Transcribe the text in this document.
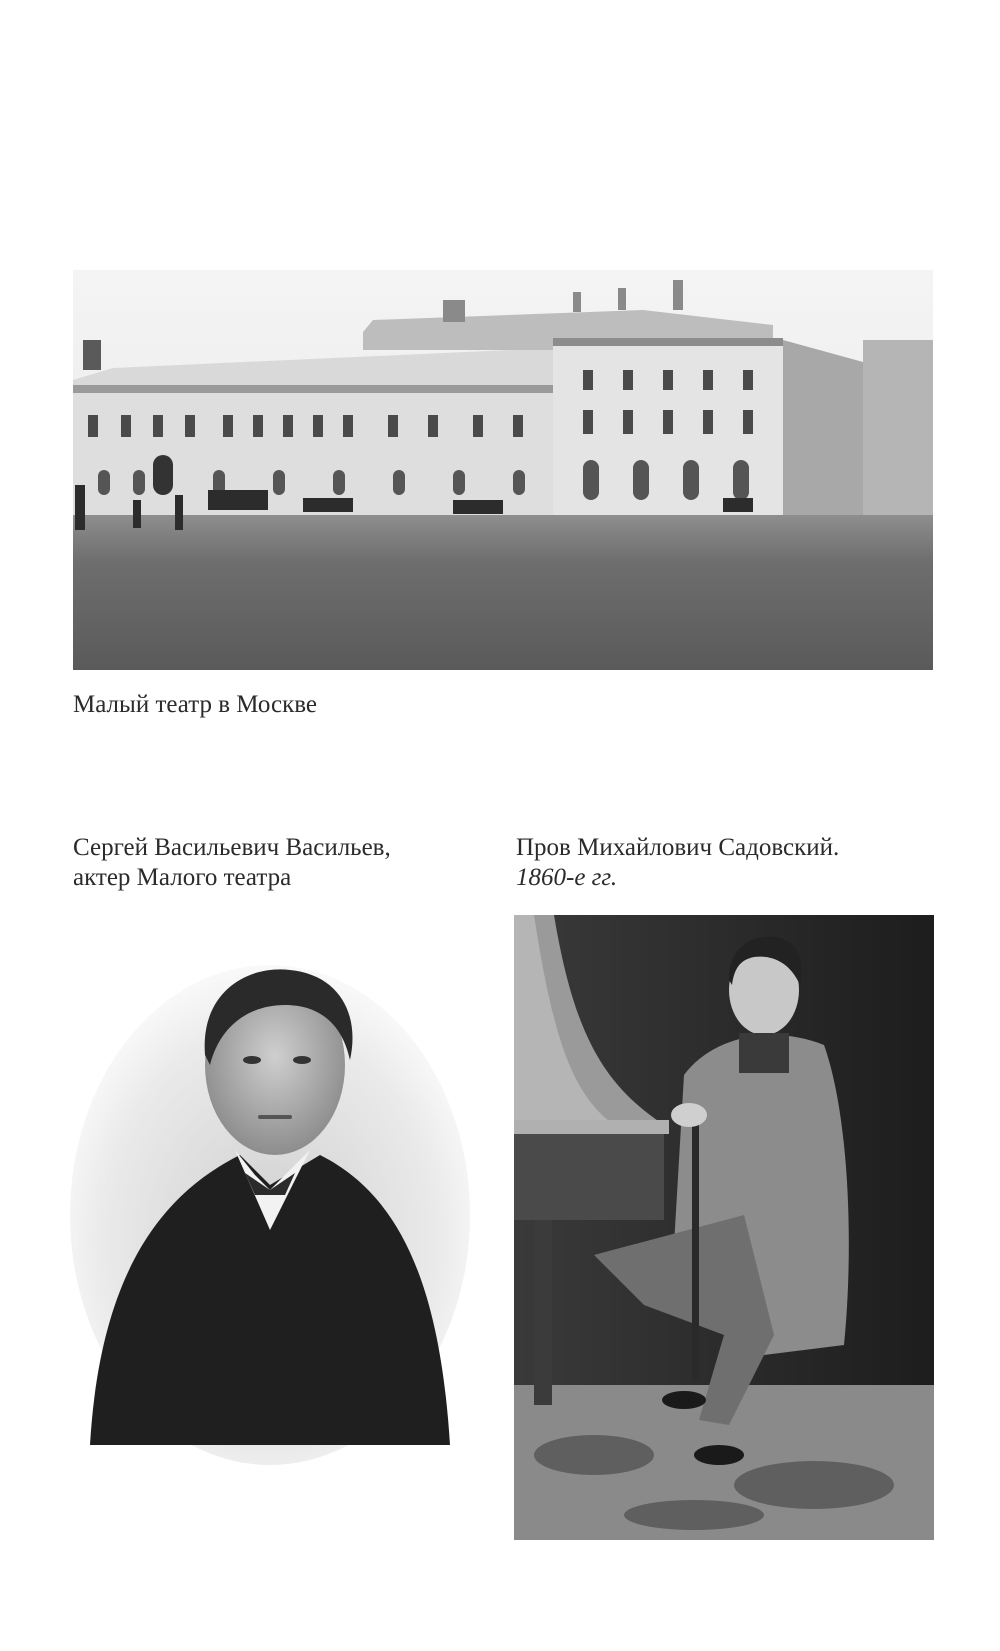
Малый театр в Москве

Сергей Васильевич Васильев,
актер Малого театра

Пров Михайлович Садовский.
1860-е гг.
